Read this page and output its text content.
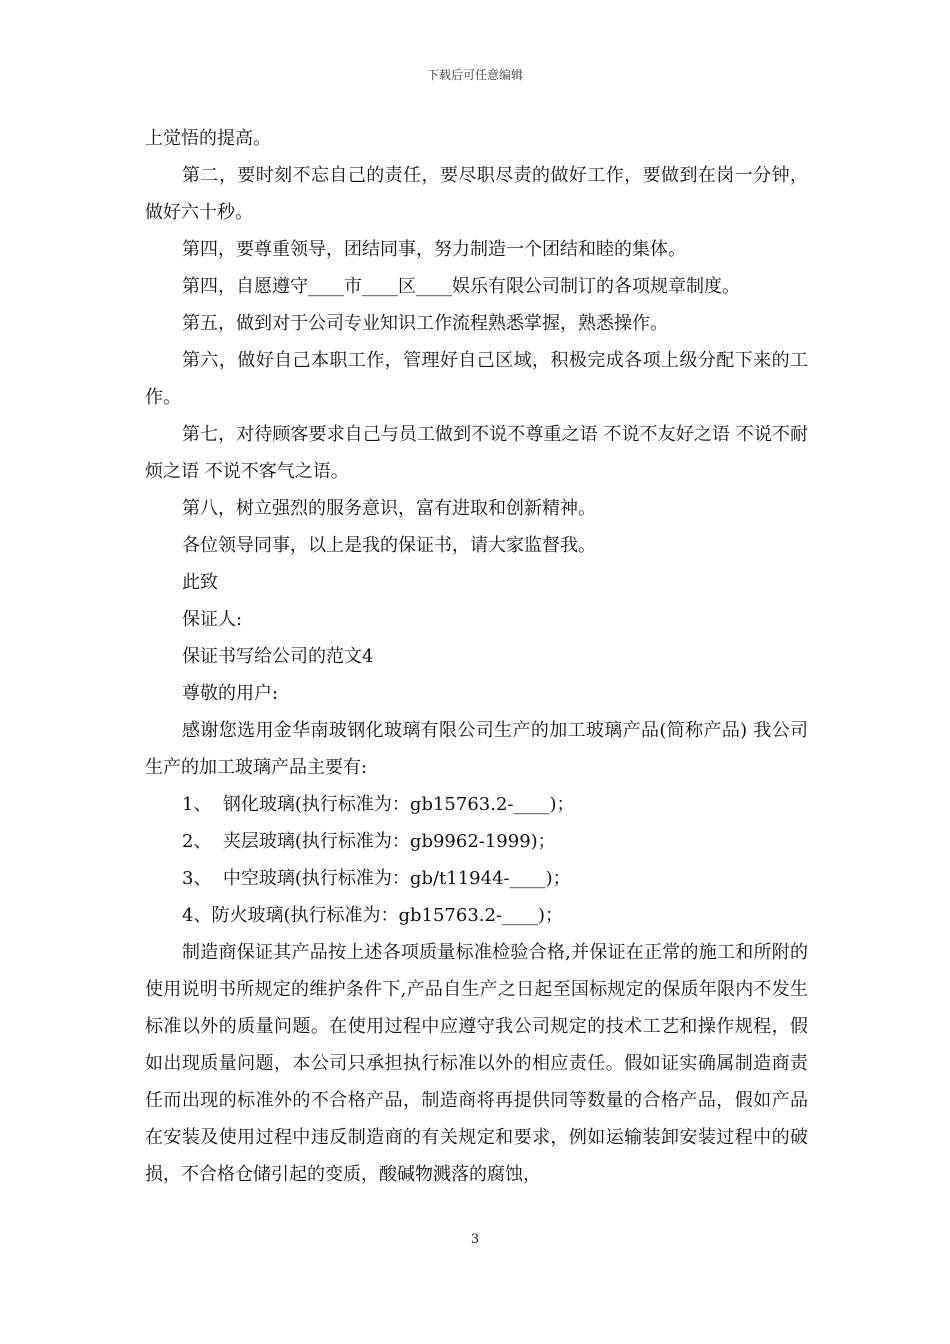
下载后可任意编辑

上觉悟的提高。

第二，要时刻不忘自己的责任，要尽职尽责的做好工作，要做到在岗一分钟，做好六十秒。

第四，要尊重领导，团结同事，努力制造一个团结和睦的集体。

第四，自愿遵守____市____区____娱乐有限公司制订的各项规章制度。

第五，做到对于公司专业知识工作流程熟悉掌握，熟悉操作。

第六，做好自己本职工作，管理好自己区域，积极完成各项上级分配下来的工作。

第七，对待顾客要求自己与员工做到不说不尊重之语 不说不友好之语 不说不耐烦之语 不说不客气之语。

第八，树立强烈的服务意识，富有进取和创新精神。

各位领导同事，以上是我的保证书，请大家监督我。

此致

保证人:

保证书写给公司的范文4

尊敬的用户:

感谢您选用金华南玻钢化玻璃有限公司生产的加工玻璃产品(简称产品) 我公司生产的加工玻璃产品主要有:

1、  钢化玻璃(执行标准为：gb15763.2-____)；

2、  夹层玻璃(执行标准为：gb9962-1999)；

3、  中空玻璃(执行标准为：gb/t11944-____)；

4、防火玻璃(执行标准为：gb15763.2-____)；

制造商保证其产品按上述各项质量标准检验合格,并保证在正常的施工和所附的使用说明书所规定的维护条件下,产品自生产之日起至国标规定的保质年限内不发生标准以外的质量问题。在使用过程中应遵守我公司规定的技术工艺和操作规程，假如出现质量问题，本公司只承担执行标准以外的相应责任。假如证实确属制造商责任而出现的标准外的不合格产品，制造商将再提供同等数量的合格产品，假如产品在安装及使用过程中违反制造商的有关规定和要求，例如运输装卸安装过程中的破损，不合格仓储引起的变质，酸碱物溅落的腐蚀，

3
